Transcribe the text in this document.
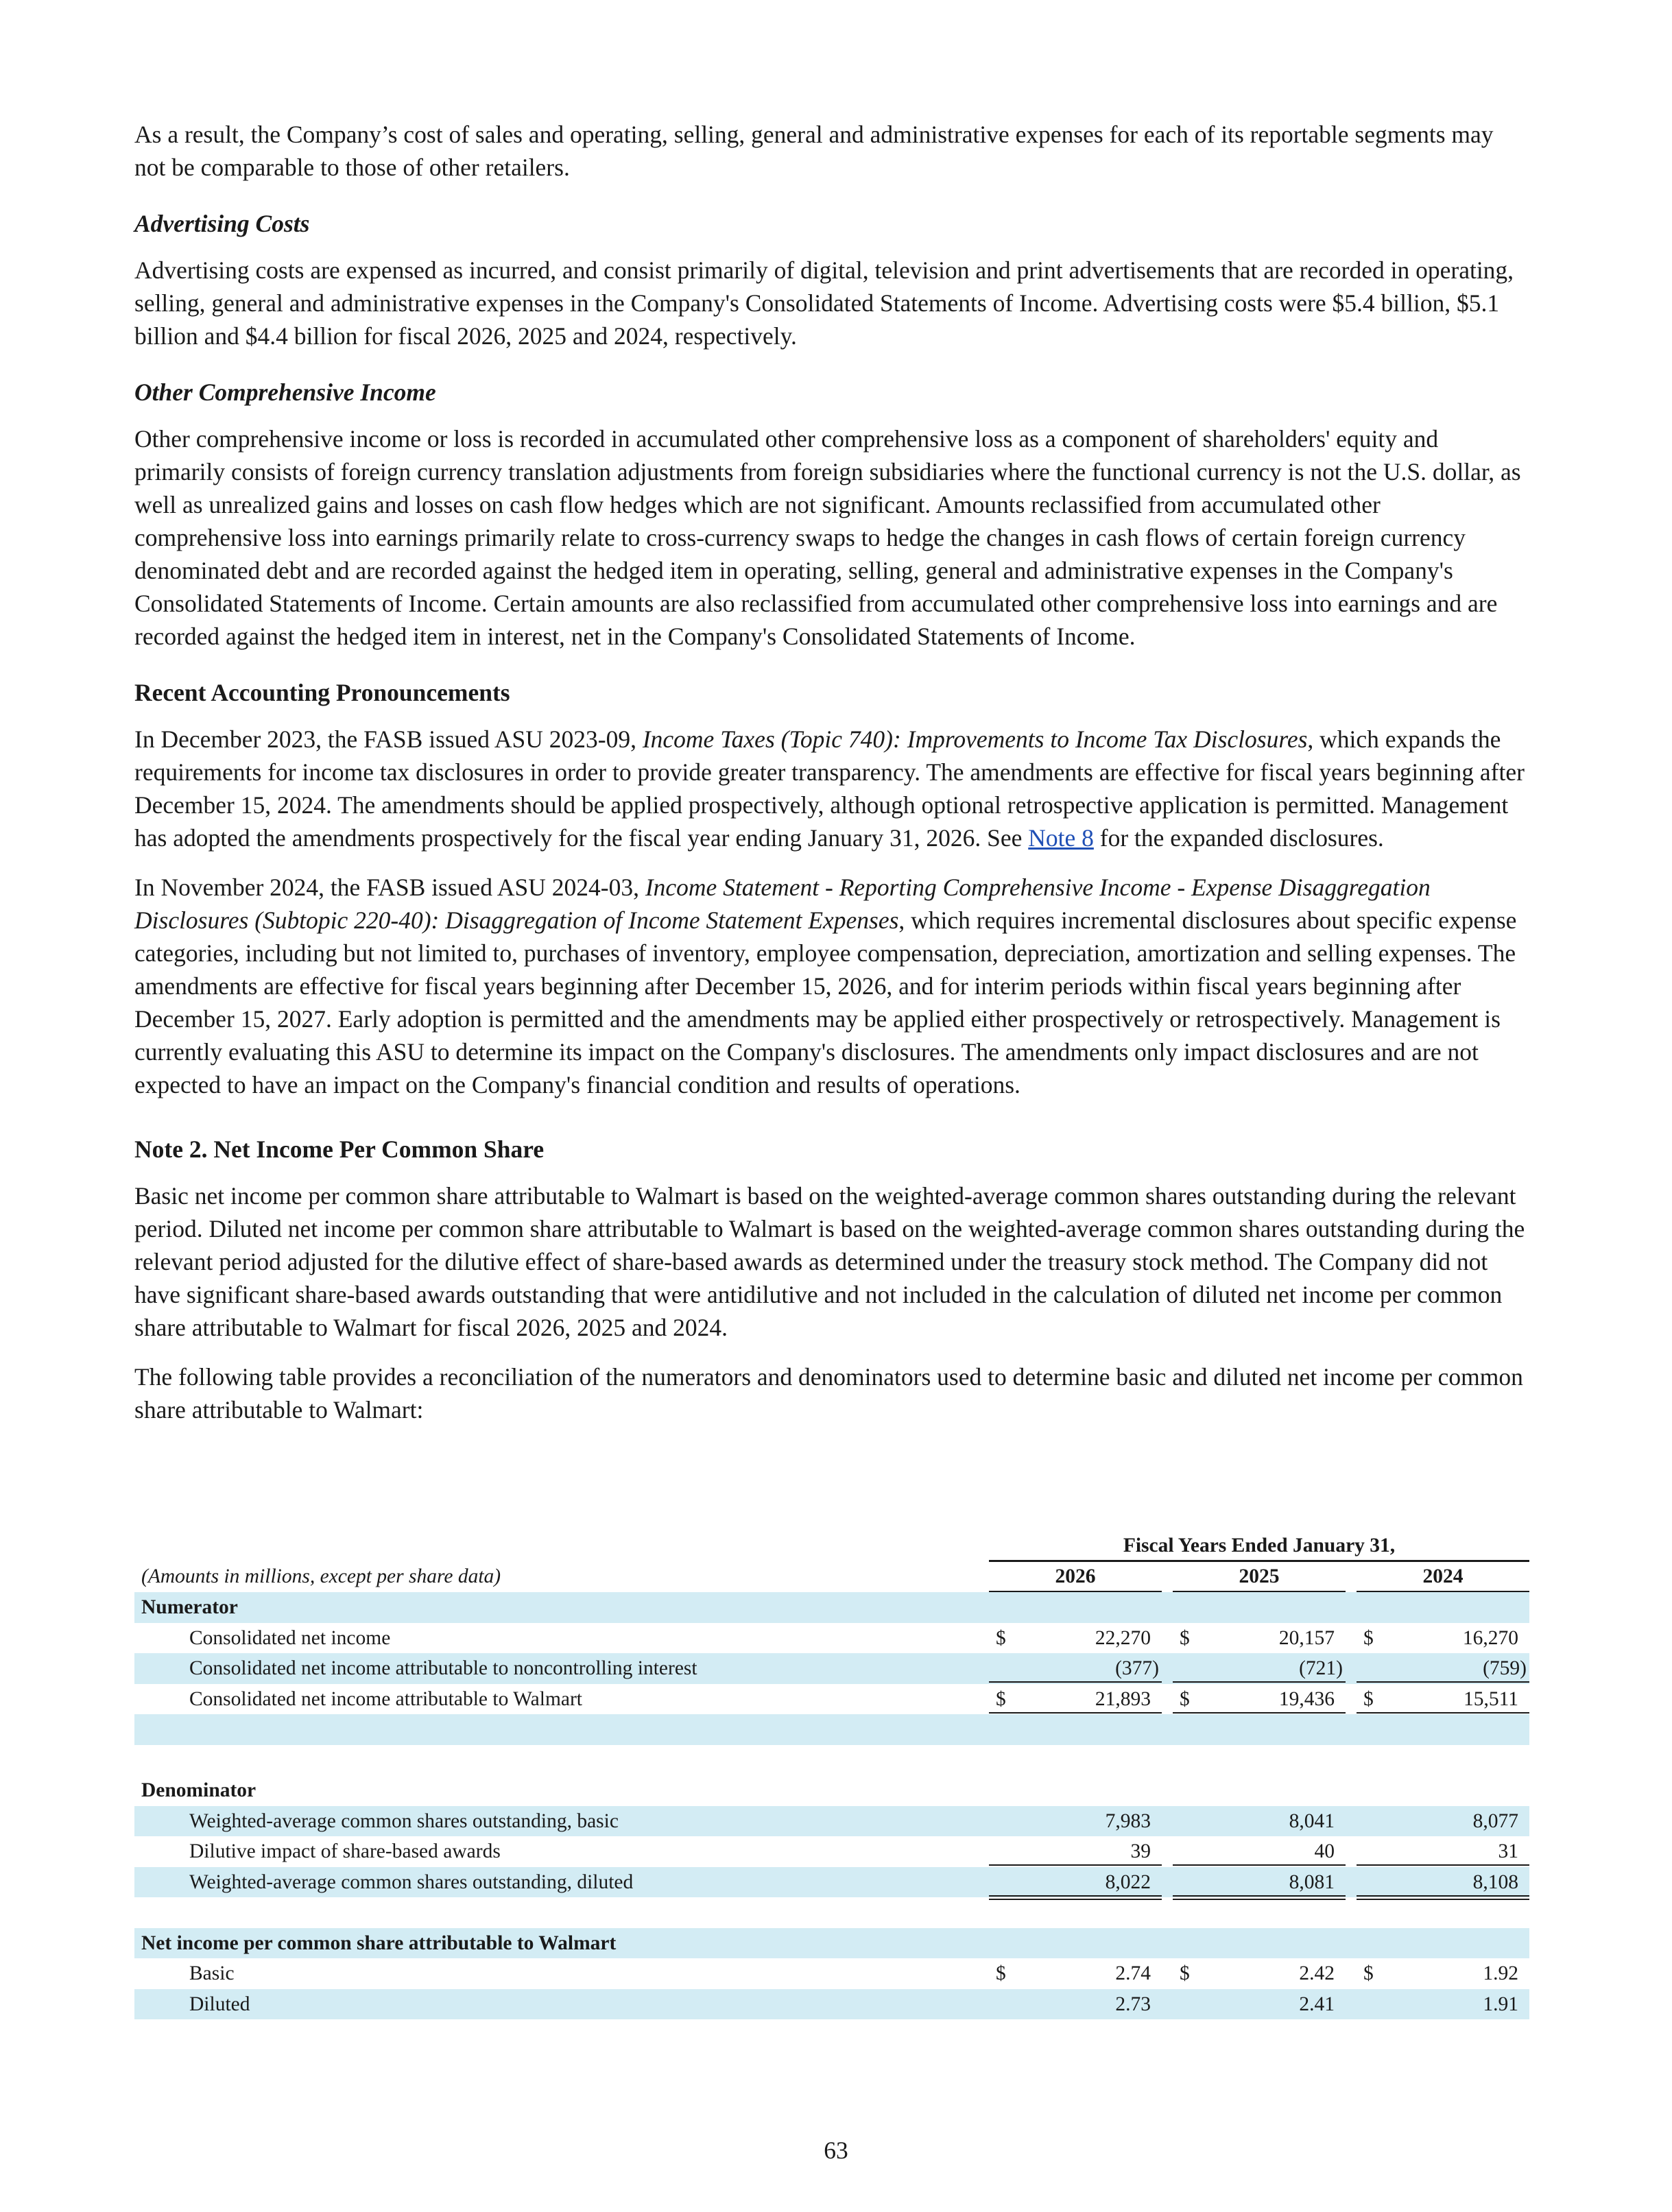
As a result, the Company’s cost of sales and operating, selling, general and administrative expenses for each of its reportable segments may not be comparable to those of other retailers.

Advertising Costs

Advertising costs are expensed as incurred, and consist primarily of digital, television and print advertisements that are recorded in operating, selling, general and administrative expenses in the Company's Consolidated Statements of Income. Advertising costs were $5.4 billion, $5.1 billion and $4.4 billion for fiscal 2026, 2025 and 2024, respectively.

Other Comprehensive Income

Other comprehensive income or loss is recorded in accumulated other comprehensive loss as a component of shareholders' equity and primarily consists of foreign currency translation adjustments from foreign subsidiaries where the functional currency is not the U.S. dollar, as well as unrealized gains and losses on cash flow hedges which are not significant. Amounts reclassified from accumulated other comprehensive loss into earnings primarily relate to cross-currency swaps to hedge the changes in cash flows of certain foreign currency denominated debt and are recorded against the hedged item in operating, selling, general and administrative expenses in the Company's Consolidated Statements of Income. Certain amounts are also reclassified from accumulated other comprehensive loss into earnings and are recorded against the hedged item in interest, net in the Company's Consolidated Statements of Income.

Recent Accounting Pronouncements

In December 2023, the FASB issued ASU 2023-09, Income Taxes (Topic 740): Improvements to Income Tax Disclosures, which expands the requirements for income tax disclosures in order to provide greater transparency. The amendments are effective for fiscal years beginning after December 15, 2024. The amendments should be applied prospectively, although optional retrospective application is permitted. Management has adopted the amendments prospectively for the fiscal year ending January 31, 2026. See Note 8 for the expanded disclosures.

In November 2024, the FASB issued ASU 2024-03, Income Statement - Reporting Comprehensive Income - Expense Disaggregation Disclosures (Subtopic 220-40): Disaggregation of Income Statement Expenses, which requires incremental disclosures about specific expense categories, including but not limited to, purchases of inventory, employee compensation, depreciation, amortization and selling expenses. The amendments are effective for fiscal years beginning after December 15, 2026, and for interim periods within fiscal years beginning after December 15, 2027. Early adoption is permitted and the amendments may be applied either prospectively or retrospectively. Management is currently evaluating this ASU to determine its impact on the Company's disclosures. The amendments only impact disclosures and are not expected to have an impact on the Company's financial condition and results of operations.

Note 2. Net Income Per Common Share

Basic net income per common share attributable to Walmart is based on the weighted-average common shares outstanding during the relevant period. Diluted net income per common share attributable to Walmart is based on the weighted-average common shares outstanding during the relevant period adjusted for the dilutive effect of share-based awards as determined under the treasury stock method. The Company did not have significant share-based awards outstanding that were antidilutive and not included in the calculation of diluted net income per common share attributable to Walmart for fiscal 2026, 2025 and 2024.

The following table provides a reconciliation of the numerators and denominators used to determine basic and diluted net income per common share attributable to Walmart:

Fiscal Years Ended January 31,
(Amounts in millions, except per share data)	2026	2025	2024
Numerator
Consolidated net income	$	22,270 $	20,157 $	16,270
Consolidated net income attributable to noncontrolling interest	(377)	(721)	(759)
Consolidated net income attributable to Walmart	$	21,893 $	19,436 $	15,511
Denominator
Weighted-average common shares outstanding, basic	7,983	8,041	8,077
Dilutive impact of share-based awards	39	40	31
Weighted-average common shares outstanding, diluted	8,022	8,081	8,108
Net income per common share attributable to Walmart
Basic	$	2.74 $	2.42 $	1.92
Diluted	2.73	2.41	1.91
63
